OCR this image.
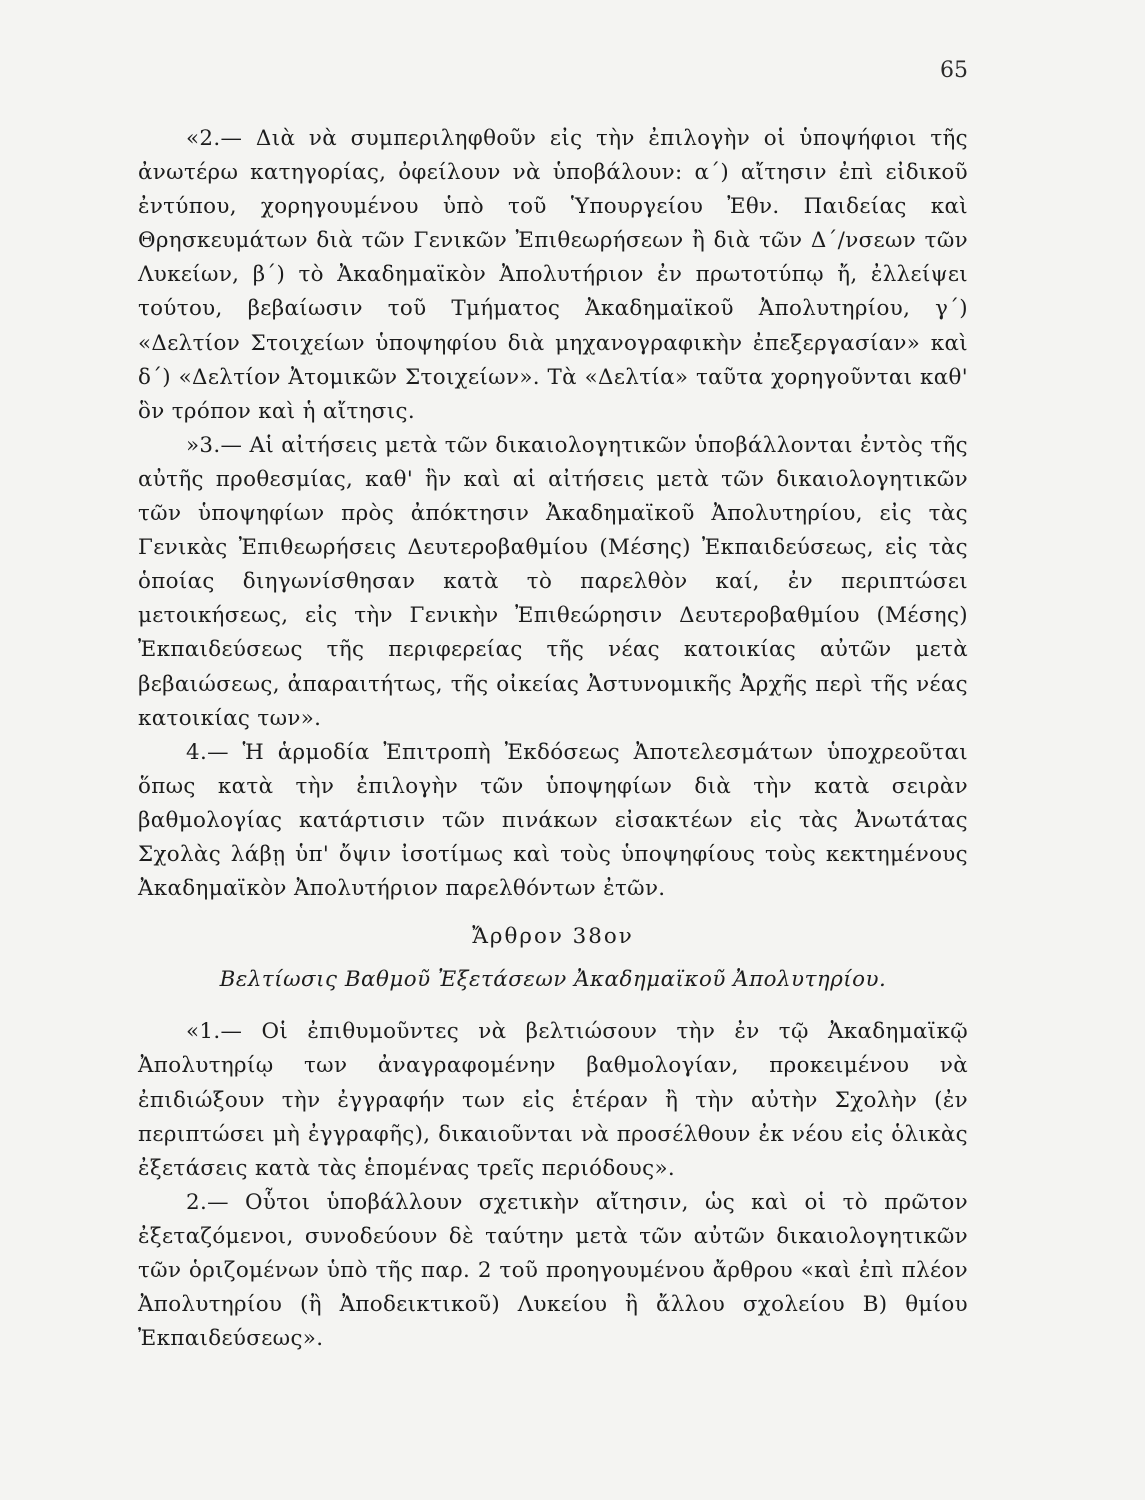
65

«2.— Διὰ νὰ συμπεριληφθοῦν εἰς τὴν ἐπιλογὴν οἱ ὑποψήφιοι τῆς ἀνωτέρω κατηγορίας, ὀφείλουν νὰ ὑποβάλουν: α΄) αἴτησιν ἐπὶ εἰδικοῦ ἐντύπου, χορηγουμένου ὑπὸ τοῦ Ὑπουργείου Ἐθν. Παιδείας καὶ Θρησκευμάτων διὰ τῶν Γενικῶν Ἐπιθεωρήσεων ἢ διὰ τῶν Δ΄/νσεων τῶν Λυκείων, β΄) τὸ Ἀκαδημαϊκὸν Ἀπολυτήριον ἐν πρωτοτύπῳ ἤ, ἐλλείψει τούτου, βεβαίωσιν τοῦ Τμήματος Ἀκαδημαϊκοῦ Ἀπολυτηρίου, γ΄) «Δελτίον Στοιχείων ὑποψηφίου διὰ μηχανογραφικὴν ἐπεξεργασίαν» καὶ δ΄) «Δελτίον Ἀτομικῶν Στοιχείων». Τὰ «Δελτία» ταῦτα χορηγοῦνται καθ' ὃν τρόπον καὶ ἡ αἴτησις.

»3.— Αἱ αἰτήσεις μετὰ τῶν δικαιολογητικῶν ὑποβάλλονται ἐντὸς τῆς αὐτῆς προθεσμίας, καθ' ἣν καὶ αἱ αἰτήσεις μετὰ τῶν δικαιολογητικῶν τῶν ὑποψηφίων πρὸς ἀπόκτησιν Ἀκαδημαϊκοῦ Ἀπολυτηρίου, εἰς τὰς Γενικὰς Ἐπιθεωρήσεις Δευτεροβαθμίου (Μέσης) Ἐκπαιδεύσεως, εἰς τὰς ὁποίας διηγωνίσθησαν κατὰ τὸ παρελθὸν καί, ἐν περιπτώσει μετοικήσεως, εἰς τὴν Γενικὴν Ἐπιθεώρησιν Δευτεροβαθμίου (Μέσης) Ἐκπαιδεύσεως τῆς περιφερείας τῆς νέας κατοικίας αὐτῶν μετὰ βεβαιώσεως, ἀπαραιτήτως, τῆς οἰκείας Ἀστυνομικῆς Ἀρχῆς περὶ τῆς νέας κατοικίας των».

4.— Ἡ ἁρμοδία Ἐπιτροπὴ Ἐκδόσεως Ἀποτελεσμάτων ὑποχρεοῦται ὅπως κατὰ τὴν ἐπιλογὴν τῶν ὑποψηφίων διὰ τὴν κατὰ σειρὰν βαθμολογίας κατάρτισιν τῶν πινάκων εἰσακτέων εἰς τὰς Ἀνωτάτας Σχολὰς λάβῃ ὑπ' ὄψιν ἰσοτίμως καὶ τοὺς ὑποψηφίους τοὺς κεκτημένους Ἀκαδημαϊκὸν Ἀπολυτήριον παρελθόντων ἐτῶν.

Ἄρθρον 38ον

Βελτίωσις Βαθμοῦ Ἐξετάσεων Ἀκαδημαϊκοῦ Ἀπολυτηρίου.

«1.— Οἱ ἐπιθυμοῦντες νὰ βελτιώσουν τὴν ἐν τῷ Ἀκαδημαϊκῷ Ἀπολυτηρίῳ των ἀναγραφομένην βαθμολογίαν, προκειμένου νὰ ἐπιδιώξουν τὴν ἐγγραφήν των εἰς ἑτέραν ἢ τὴν αὐτὴν Σχολὴν (ἐν περιπτώσει μὴ ἐγγραφῆς), δικαιοῦνται νὰ προσέλθουν ἐκ νέου εἰς ὁλικὰς ἐξετάσεις κατὰ τὰς ἑπομένας τρεῖς περιόδους».

2.— Οὗτοι ὑποβάλλουν σχετικὴν αἴτησιν, ὡς καὶ οἱ τὸ πρῶτον ἐξεταζόμενοι, συνοδεύουν δὲ ταύτην μετὰ τῶν αὐτῶν δικαιολογητικῶν τῶν ὁριζομένων ὑπὸ τῆς παρ. 2 τοῦ προηγουμένου ἄρθρου «καὶ ἐπὶ πλέον Ἀπολυτηρίου (ἢ Ἀποδεικτικοῦ) Λυκείου ἢ ἄλλου σχολείου Β) θμίου Ἐκπαιδεύσεως».
